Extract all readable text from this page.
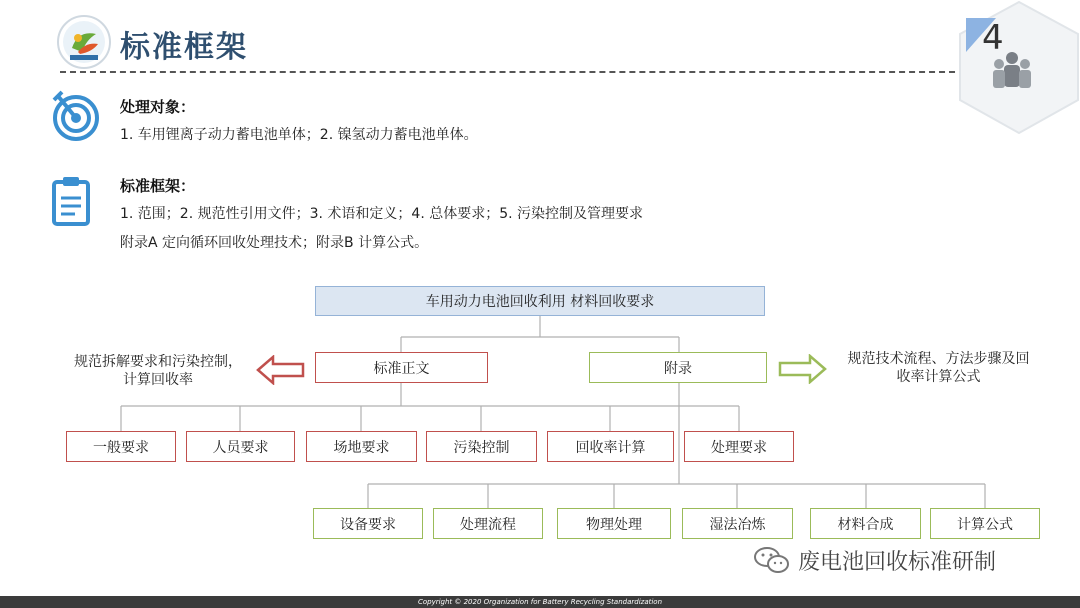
标准框架	4
处理对象：
1. 车用锂离子动力蓄电池单体；2. 镍氢动力蓄电池单体。
标准框架：
1. 范围；2. 规范性引用文件；3. 术语和定义；4. 总体要求；5. 污染控制及管理要求
附录A 定向循环回收处理技术；附录B 计算公式。
车用动力电池回收利用 材料回收要求
标准正文	附录
规范拆解要求和污染控制，
计算回收率
规范技术流程、方法步骤及回
收率计算公式
一般要求	人员要求	场地要求	污染控制	回收率计算	处理要求
设备要求	处理流程	物理处理	湿法冶炼	材料合成	计算公式
废电池回收标准研制
Copyright © 2020 Organization for Battery Recycling Standardization
